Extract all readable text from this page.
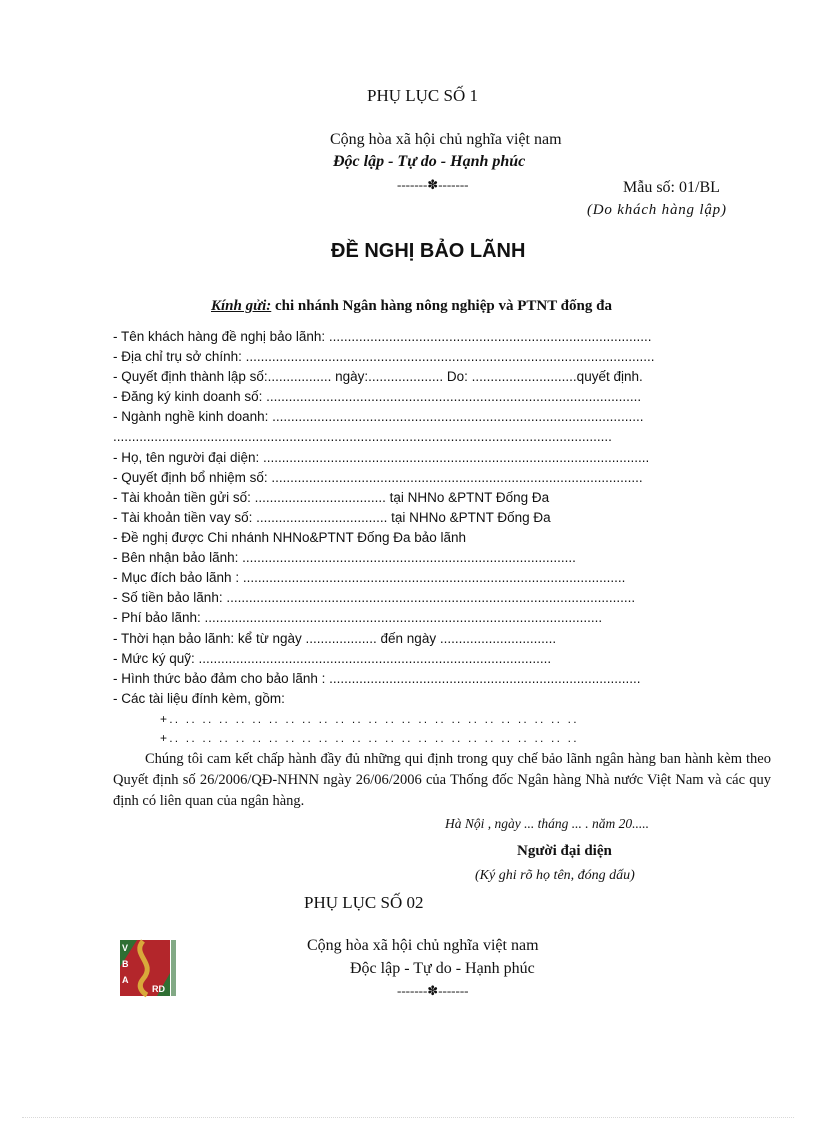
PHỤ LỤC SỐ 1
Cộng hòa xã hội chủ nghĩa việt nam
Độc lập - Tự do - Hạnh phúc
-------✽-------	Mẫu số: 01/BL
(Do khách hàng lập)
ĐỀ NGHỊ BẢO LÃNH
Kính gửi: chi nhánh Ngân hàng nông nghiệp và PTNT đống đa
- Tên khách hàng đề nghị bảo lãnh: ......................................................................................
- Địa chỉ trụ sở chính: .............................................................................................................
- Quyết định thành lập số:................. ngày:.................... Do: ............................quyết định.
- Đăng ký kinh doanh số: ....................................................................................................
- Ngành nghề kinh doanh: ...................................................................................................
.....................................................................................................................................
- Họ, tên người đại diện: .......................................................................................................
- Quyết định bổ nhiệm số: ...................................................................................................
- Tài khoản tiền gửi số: ................................... tại NHNo &PTNT Đống Đa
- Tài khoản tiền vay số: ................................... tại NHNo &PTNT Đống Đa
- Đề nghị được Chi nhánh NHNo&PTNT Đống Đa bảo lãnh
- Bên nhận bảo lãnh: .........................................................................................
- Mục đích bảo lãnh : ......................................................................................................
- Số tiền bảo lãnh: .............................................................................................................
- Phí bảo lãnh: ..........................................................................................................
- Thời hạn bảo lãnh: kể từ ngày ................... đến ngày ...............................
- Mức ký quỹ: ..............................................................................................
- Hình thức bảo đảm cho bảo lãnh : ...................................................................................
- Các tài liệu đính kèm, gồm:
+.. .. .. .. .. .. .. .. .. .. .. .. .. .. .. .. .. .. .. .. .. .. .. .. ..
+.. .. .. .. .. .. .. .. .. .. .. .. .. .. .. .. .. .. .. .. .. .. .. .. ..
Chúng tôi cam kết chấp hành đầy đủ những qui định trong quy chế bảo lãnh ngân hàng ban hành kèm theo Quyết định số 26/2006/QĐ-NHNN ngày 26/06/2006 của Thống đốc Ngân hàng Nhà nước Việt Nam và các quy định có liên quan của ngân hàng.
Hà Nội , ngày ... tháng ... . năm 20.....
Người đại diện
(Ký ghi rõ họ tên, đóng dấu)
PHỤ LỤC SỐ 02
V
B
A
RD
Cộng hòa xã hội chủ nghĩa việt nam
Độc lập - Tự do - Hạnh phúc
-------✽-------
